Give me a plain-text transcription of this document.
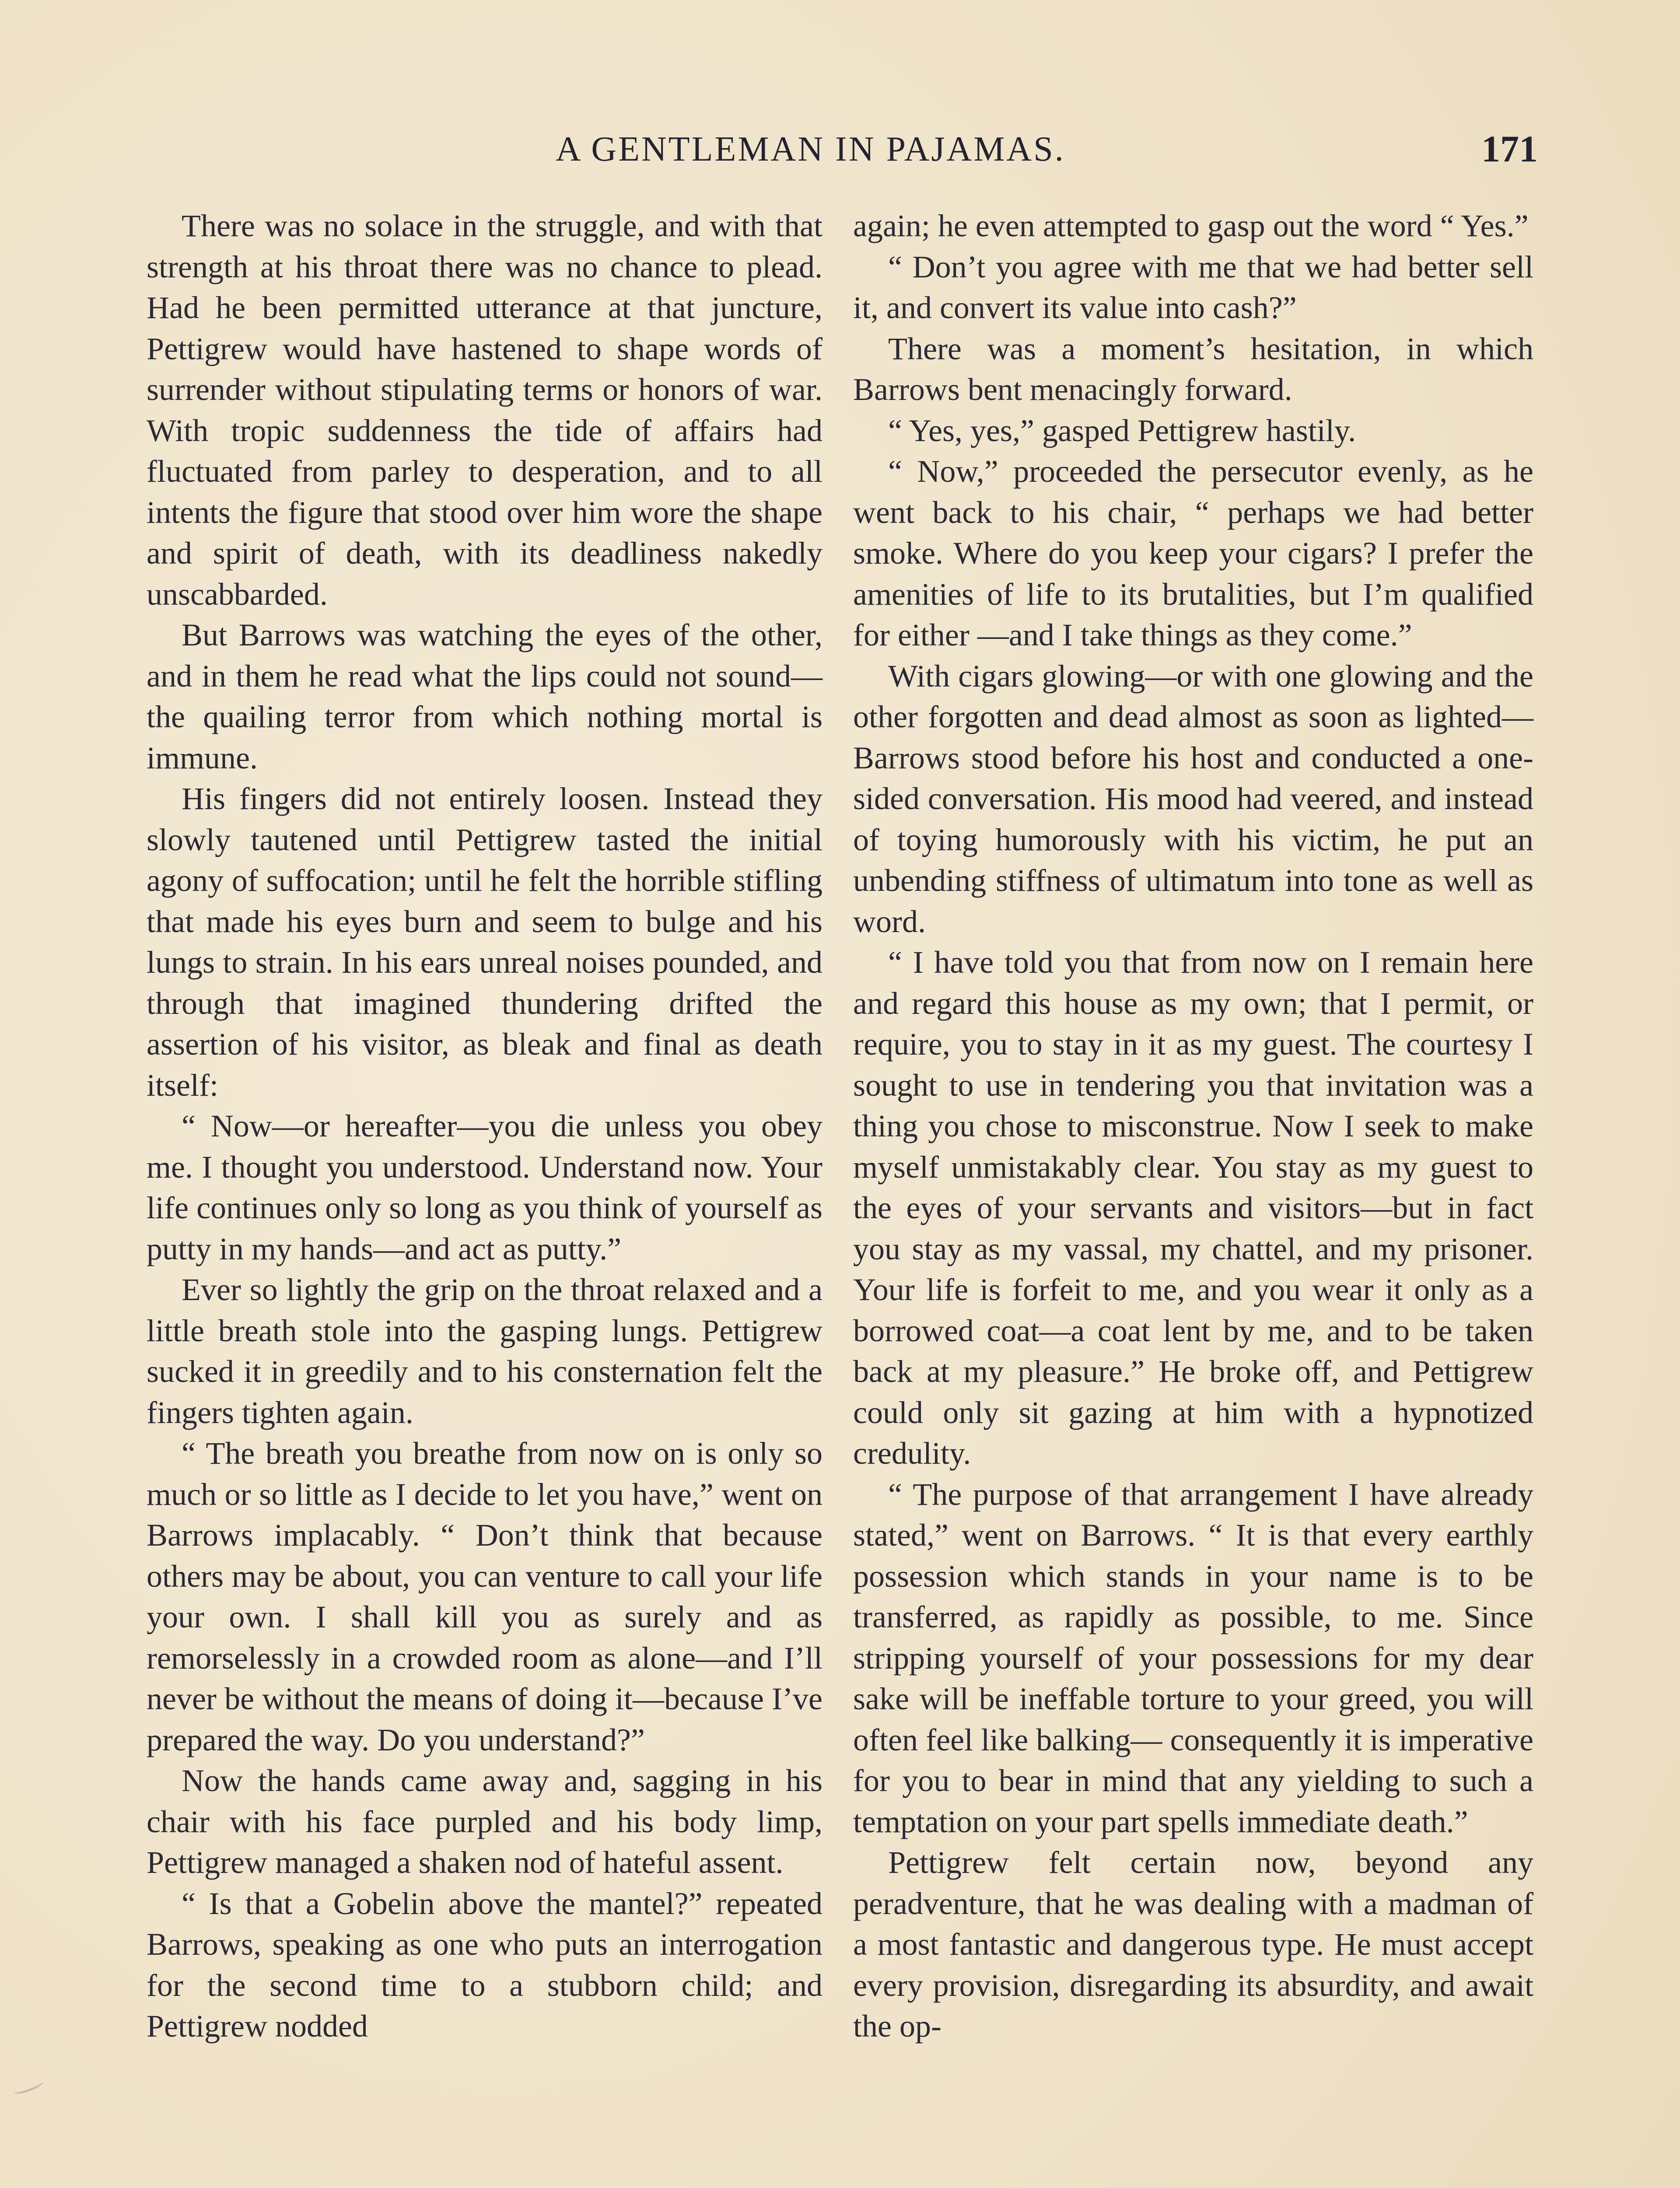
A GENTLEMAN IN PAJAMAS.	171

There was no solace in the struggle, and with that strength at his throat there was no chance to plead. Had he been permitted utterance at that juncture, Pettigrew would have hastened to shape words of surrender without stipulating terms or honors of war. With tropic suddenness the tide of affairs had fluctuated from parley to desperation, and to all intents the figure that stood over him wore the shape and spirit of death, with its deadliness nakedly unscabbarded.

But Barrows was watching the eyes of the other, and in them he read what the lips could not sound—the quailing terror from which nothing mortal is immune.

His fingers did not entirely loosen. Instead they slowly tautened until Pettigrew tasted the initial agony of suffocation; until he felt the horrible stifling that made his eyes burn and seem to bulge and his lungs to strain. In his ears unreal noises pounded, and through that imagined thundering drifted the assertion of his visitor, as bleak and final as death itself:

“ Now—or hereafter—you die unless you obey me. I thought you understood. Understand now. Your life continues only so long as you think of yourself as putty in my hands—and act as putty.”

Ever so lightly the grip on the throat relaxed and a little breath stole into the gasping lungs. Pettigrew sucked it in greedily and to his consternation felt the fingers tighten again.

“ The breath you breathe from now on is only so much or so little as I decide to let you have,” went on Barrows implacably. “ Don’t think that because others may be about, you can venture to call your life your own. I shall kill you as surely and as remorselessly in a crowded room as alone—and I’ll never be without the means of doing it—because I’ve prepared the way. Do you understand?”

Now the hands came away and, sagging in his chair with his face purpled and his body limp, Pettigrew managed a shaken nod of hateful assent.

“ Is that a Gobelin above the mantel?” repeated Barrows, speaking as one who puts an interrogation for the second time to a stubborn child; and Pettigrew nodded

again; he even attempted to gasp out the word “ Yes.”

“ Don’t you agree with me that we had better sell it, and convert its value into cash?”

There was a moment’s hesitation, in which Barrows bent menacingly forward.

“ Yes, yes,” gasped Pettigrew hastily.

“ Now,” proceeded the persecutor evenly, as he went back to his chair, “ perhaps we had better smoke. Where do you keep your cigars? I prefer the amenities of life to its brutalities, but I’m qualified for either —and I take things as they come.”

With cigars glowing—or with one glowing and the other forgotten and dead almost as soon as lighted—Barrows stood before his host and conducted a one-sided conversation. His mood had veered, and instead of toying humorously with his victim, he put an unbending stiffness of ultimatum into tone as well as word.

“ I have told you that from now on I remain here and regard this house as my own; that I permit, or require, you to stay in it as my guest. The courtesy I sought to use in tendering you that invitation was a thing you chose to misconstrue. Now I seek to make myself unmistakably clear. You stay as my guest to the eyes of your servants and visitors—but in fact you stay as my vassal, my chattel, and my prisoner. Your life is forfeit to me, and you wear it only as a borrowed coat—a coat lent by me, and to be taken back at my pleasure.” He broke off, and Pettigrew could only sit gazing at him with a hypnotized credulity.

“ The purpose of that arrangement I have already stated,” went on Barrows. “ It is that every earthly possession which stands in your name is to be transferred, as rapidly as possible, to me. Since stripping yourself of your possessions for my dear sake will be ineffable torture to your greed, you will often feel like balking— consequently it is imperative for you to bear in mind that any yielding to such a temptation on your part spells immediate death.”

Pettigrew felt certain now, beyond any peradventure, that he was dealing with a madman of a most fantastic and dangerous type. He must accept every provision, disregarding its absurdity, and await the op-
